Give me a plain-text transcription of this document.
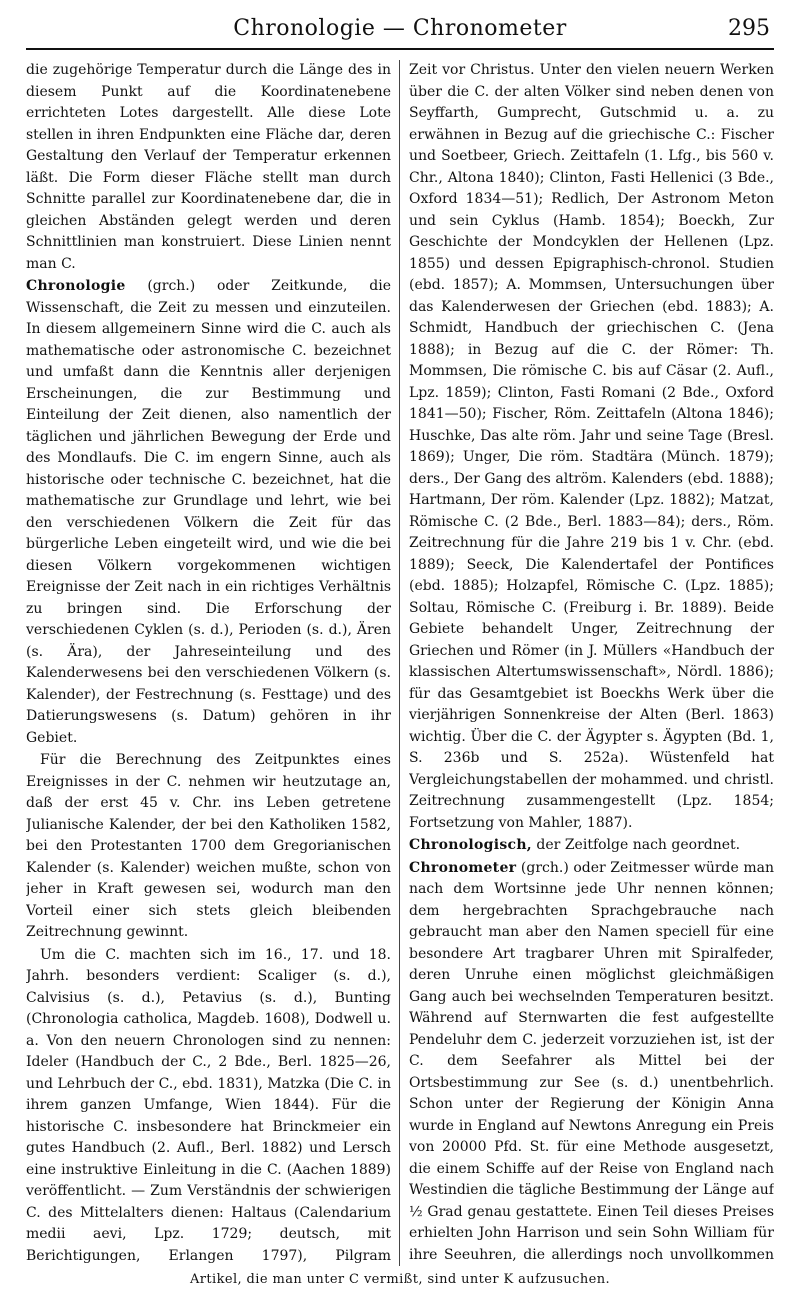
Chronologie — Chronometer	295

die zugehörige Temperatur durch die Länge des in diesem Punkt auf die Koordinatenebene errichteten Lotes dargestellt. Alle diese Lote stellen in ihren Endpunkten eine Fläche dar, deren Gestaltung den Verlauf der Temperatur erkennen läßt. Die Form dieser Fläche stellt man durch Schnitte parallel zur Koordinatenebene dar, die in gleichen Abständen gelegt werden und deren Schnittlinien man konstruiert. Diese Linien nennt man C.

Chronologie (grch.) oder Zeitkunde, die Wissenschaft, die Zeit zu messen und einzuteilen. In diesem allgemeinern Sinne wird die C. auch als mathematische oder astronomische C. bezeichnet und umfaßt dann die Kenntnis aller derjenigen Erscheinungen, die zur Bestimmung und Einteilung der Zeit dienen, also namentlich der täglichen und jährlichen Bewegung der Erde und des Mondlaufs. Die C. im engern Sinne, auch als historische oder technische C. bezeichnet, hat die mathematische zur Grundlage und lehrt, wie bei den verschiedenen Völkern die Zeit für das bürgerliche Leben eingeteilt wird, und wie die bei diesen Völkern vorgekommenen wichtigen Ereignisse der Zeit nach in ein richtiges Verhältnis zu bringen sind. Die Erforschung der verschiedenen Cyklen (s. d.), Perioden (s. d.), Ären (s. Ära), der Jahreseinteilung und des Kalenderwesens bei den verschiedenen Völkern (s. Kalender), der Festrechnung (s. Festtage) und des Datierungswesens (s. Datum) gehören in ihr Gebiet.

Für die Berechnung des Zeitpunktes eines Ereignisses in der C. nehmen wir heutzutage an, daß der erst 45 v. Chr. ins Leben getretene Julianische Kalender, der bei den Katholiken 1582, bei den Protestanten 1700 dem Gregorianischen Kalender (s. Kalender) weichen mußte, schon von jeher in Kraft gewesen sei, wodurch man den Vorteil einer sich stets gleich bleibenden Zeitrechnung gewinnt.

Um die C. machten sich im 16., 17. und 18. Jahrh. besonders verdient: Scaliger (s. d.), Calvisius (s. d.), Petavius (s. d.), Bunting (Chronologia catholica, Magdeb. 1608), Dodwell u. a. Von den neuern Chronologen sind zu nennen: Ideler (Handbuch der C., 2 Bde., Berl. 1825—26, und Lehrbuch der C., ebd. 1831), Matzka (Die C. in ihrem ganzen Umfange, Wien 1844). Für die historische C. insbesondere hat Brinckmeier ein gutes Handbuch (2. Aufl., Berl. 1882) und Lersch eine instruktive Einleitung in die C. (Aachen 1889) veröffentlicht. — Zum Verständnis der schwierigen C. des Mittelalters dienen: Haltaus (Calendarium medii aevi, Lpz. 1729; deutsch, mit Berichtigungen, Erlangen 1797), Pilgram

Zeit vor Christus. Unter den vielen neuern Werken über die C. der alten Völker sind neben denen von Seyffarth, Gumprecht, Gutschmid u. a. zu erwähnen in Bezug auf die griechische C.: Fischer und Soetbeer, Griech. Zeittafeln (1. Lfg., bis 560 v. Chr., Altona 1840); Clinton, Fasti Hellenici (3 Bde., Oxford 1834—51); Redlich, Der Astronom Meton und sein Cyklus (Hamb. 1854); Boeckh, Zur Geschichte der Mondcyklen der Hellenen (Lpz. 1855) und dessen Epigraphisch-chronol. Studien (ebd. 1857); A. Mommsen, Untersuchungen über das Kalenderwesen der Griechen (ebd. 1883); A. Schmidt, Handbuch der griechischen C. (Jena 1888); in Bezug auf die C. der Römer: Th. Mommsen, Die römische C. bis auf Cäsar (2. Aufl., Lpz. 1859); Clinton, Fasti Romani (2 Bde., Oxford 1841—50); Fischer, Röm. Zeittafeln (Altona 1846); Huschke, Das alte röm. Jahr und seine Tage (Bresl. 1869); Unger, Die röm. Stadtära (Münch. 1879); ders., Der Gang des altröm. Kalenders (ebd. 1888); Hartmann, Der röm. Kalender (Lpz. 1882); Matzat, Römische C. (2 Bde., Berl. 1883—84); ders., Röm. Zeitrechnung für die Jahre 219 bis 1 v. Chr. (ebd. 1889); Seeck, Die Kalendertafel der Pontifices (ebd. 1885); Holzapfel, Römische C. (Lpz. 1885); Soltau, Römische C. (Freiburg i. Br. 1889). Beide Gebiete behandelt Unger, Zeitrechnung der Griechen und Römer (in J. Müllers «Handbuch der klassischen Altertumswissenschaft», Nördl. 1886); für das Gesamtgebiet ist Boeckhs Werk über die vierjährigen Sonnenkreise der Alten (Berl. 1863) wichtig. Über die C. der Ägypter s. Ägypten (Bd. 1, S. 236b und S. 252a). Wüstenfeld hat Vergleichungstabellen der mohammed. und christl. Zeitrechnung zusammengestellt (Lpz. 1854; Fortsetzung von Mahler, 1887).

Chronologisch, der Zeitfolge nach geordnet.

Chronometer (grch.) oder Zeitmesser würde man nach dem Wortsinne jede Uhr nennen können; dem hergebrachten Sprachgebrauche nach gebraucht man aber den Namen speciell für eine besondere Art tragbarer Uhren mit Spiralfeder, deren Unruhe einen möglichst gleichmäßigen Gang auch bei wechselnden Temperaturen besitzt. Während auf Sternwarten die fest aufgestellte Pendeluhr dem C. jederzeit vorzuziehen ist, ist der C. dem Seefahrer als Mittel bei der Ortsbestimmung zur See (s. d.) unentbehrlich. Schon unter der Regierung der Königin Anna wurde in England auf Newtons Anregung ein Preis von 20000 Pfd. St. für eine Methode ausgesetzt, die einem Schiffe auf der Reise von England nach Westindien die tägliche Bestimmung der Länge auf ½ Grad genau gestattete. Einen Teil dieses Preises erhielten John Harrison und sein Sohn William für ihre Seeuhren, die allerdings noch unvollkommen

Artikel, die man unter C vermißt, sind unter K aufzusuchen.
